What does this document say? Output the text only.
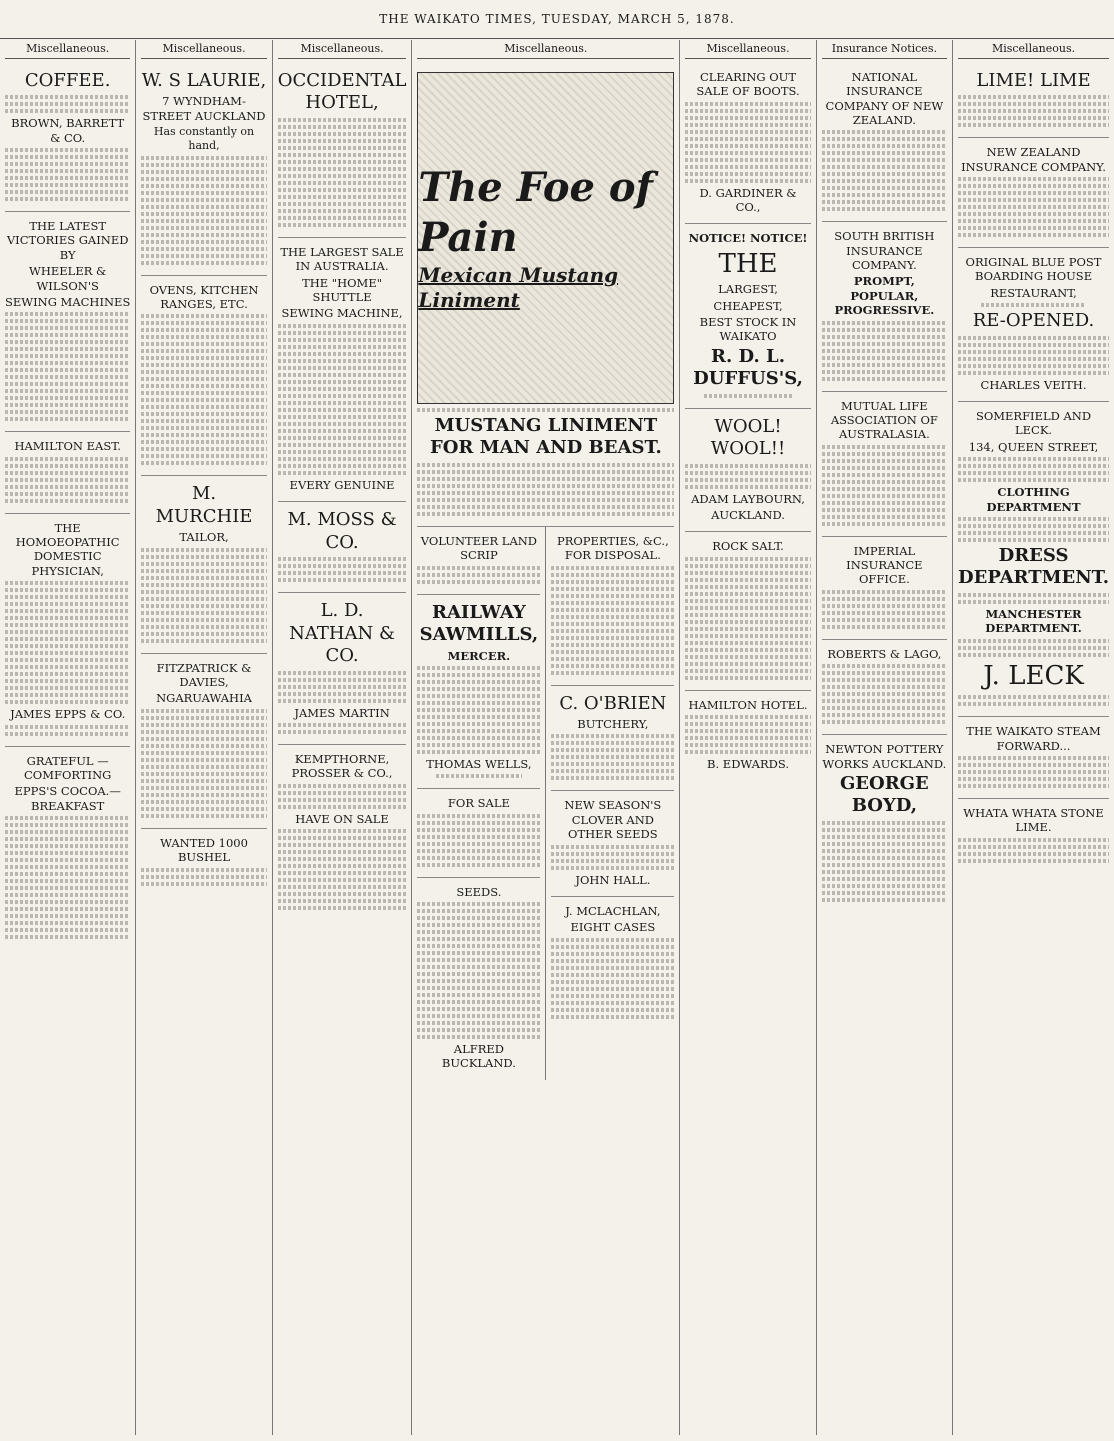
THE WAIKATO TIMES, TUESDAY, MARCH 5, 1878.
Miscellaneous.
COFFEE.
BROWN, BARRETT & CO.
THE LATEST VICTORIES GAINED BY
WHEELER & WILSON'S
SEWING MACHINES
HAMILTON EAST.
THE HOMOEOPATHIC DOMESTIC PHYSICIAN,
JAMES EPPS & CO.
GRATEFUL — COMFORTING
EPPS'S COCOA.—BREAKFAST
Miscellaneous.
W. S LAURIE,
7 WYNDHAM-STREET AUCKLAND
Has constantly on hand,
OVENS, KITCHEN RANGES, ETC.
M. MURCHIE
TAILOR,
FITZPATRICK & DAVIES,
NGARUAWAHIA
WANTED 1000 BUSHEL
Miscellaneous.
OCCIDENTAL HOTEL,
THE LARGEST SALE IN AUSTRALIA.
THE "HOME" SHUTTLE
SEWING MACHINE,
EVERY GENUINE
M. MOSS & CO.
L. D. NATHAN & CO.
JAMES MARTIN
KEMPTHORNE, PROSSER & CO.,
HAVE ON SALE
Miscellaneous.
The Foe of Pain
Mexican Mustang Liniment
MUSTANG LINIMENT FOR MAN AND BEAST.
VOLUNTEER LAND SCRIP
RAILWAY SAWMILLS,
MERCER.
THOMAS WELLS,
FOR SALE
SEEDS.
ALFRED BUCKLAND.
PROPERTIES, &C., FOR DISPOSAL.
C. O'BRIEN
BUTCHERY,
NEW SEASON'S CLOVER AND OTHER SEEDS
JOHN HALL.
J. MCLACHLAN,
EIGHT CASES
Miscellaneous.
CLEARING OUT SALE OF BOOTS.
D. GARDINER & CO.,
NOTICE! NOTICE!
THE
LARGEST,
CHEAPEST,
BEST STOCK IN WAIKATO
R. D. L. DUFFUS'S,
WOOL! WOOL!!
ADAM LAYBOURN,
AUCKLAND.
ROCK SALT.
HAMILTON HOTEL.
B. EDWARDS.
Insurance Notices.
NATIONAL INSURANCE COMPANY OF NEW ZEALAND.
SOUTH BRITISH INSURANCE COMPANY.
PROMPT, POPULAR, PROGRESSIVE.
MUTUAL LIFE ASSOCIATION OF AUSTRALASIA.
IMPERIAL INSURANCE OFFICE.
ROBERTS & LAGO,
NEWTON POTTERY WORKS AUCKLAND.
GEORGE BOYD,
Miscellaneous.
LIME! LIME
NEW ZEALAND INSURANCE COMPANY.
ORIGINAL BLUE POST BOARDING HOUSE
RESTAURANT,
RE-OPENED.
CHARLES VEITH.
SOMERFIELD AND LECK.
134, QUEEN STREET,
CLOTHING DEPARTMENT
DRESS DEPARTMENT.
MANCHESTER DEPARTMENT.
J. LECK
THE WAIKATO STEAM FORWARD...
WHATA WHATA STONE LIME.
